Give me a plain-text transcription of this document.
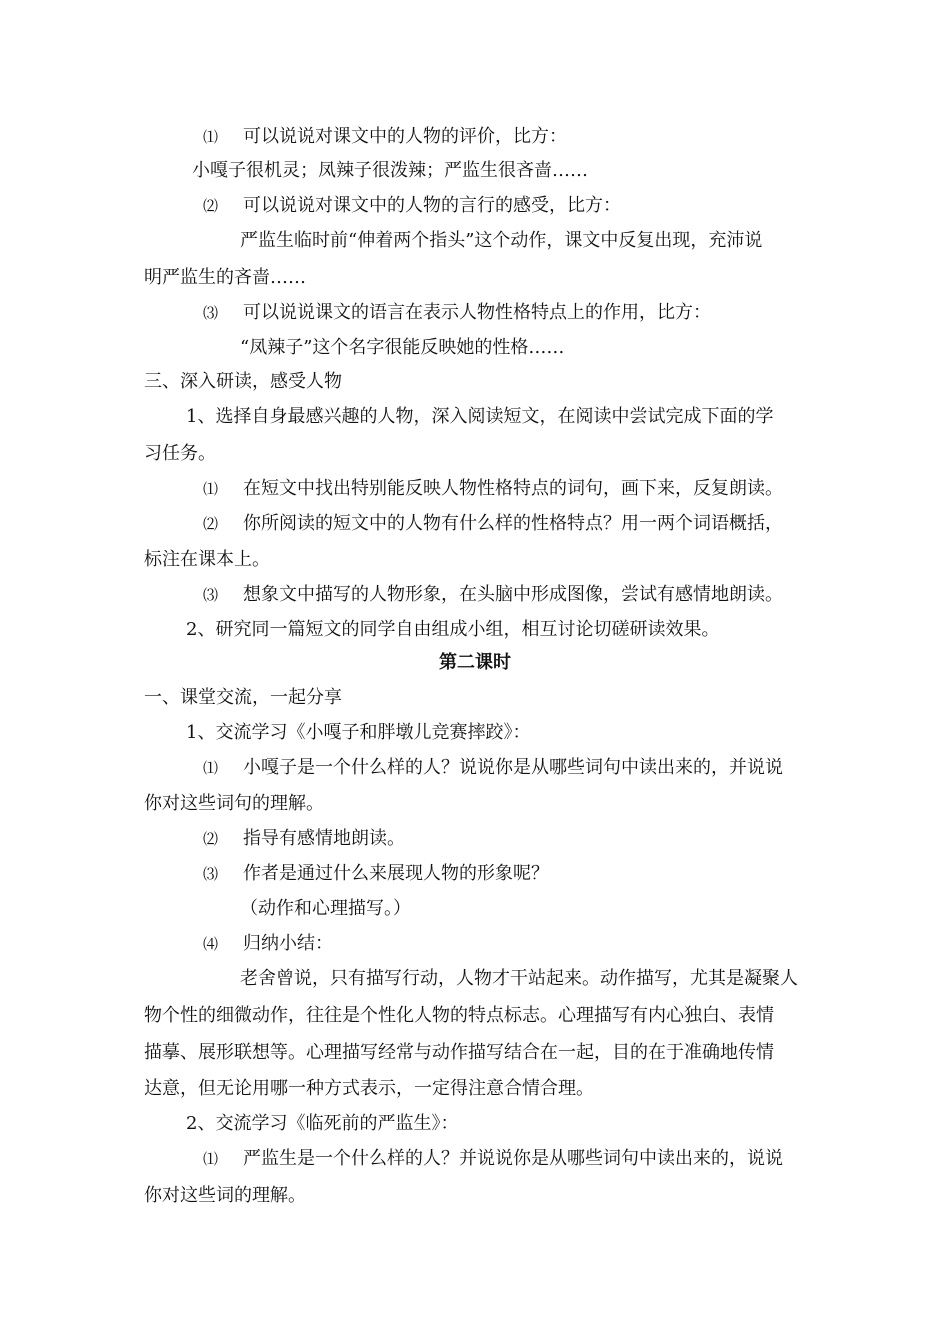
第二课时
⑴ 可以说说对课文中的人物的评价，比方：
小嘎子很机灵；凤辣子很泼辣；严监生很吝啬……
⑵ 可以说说对课文中的人物的言行的感受，比方：
严监生临时前“伸着两个指头”这个动作，课文中反复出现，充沛说
明严监生的吝啬……
⑶ 可以说说课文的语言在表示人物性格特点上的作用，比方：
“凤辣子”这个名字很能反映她的性格……
三、深入研读，感受人物
1、选择自身最感兴趣的人物，深入阅读短文，在阅读中尝试完成下面的学
习任务。
⑴ 在短文中找出特别能反映人物性格特点的词句，画下来，反复朗读。
⑵ 你所阅读的短文中的人物有什么样的性格特点？用一两个词语概括，
标注在课本上。
⑶ 想象文中描写的人物形象，在头脑中形成图像，尝试有感情地朗读。
2、研究同一篇短文的同学自由组成小组，相互讨论切磋研读效果。
一、课堂交流，一起分享
1、交流学习《小嘎子和胖墩儿竞赛摔跤》：
⑴ 小嘎子是一个什么样的人？说说你是从哪些词句中读出来的，并说说
你对这些词句的理解。
⑵ 指导有感情地朗读。
⑶ 作者是通过什么来展现人物的形象呢？
（动作和心理描写。）
⑷ 归纳小结：
老舍曾说，只有描写行动，人物才干站起来。动作描写，尤其是凝聚人
物个性的细微动作，往往是个性化人物的特点标志。心理描写有内心独白、表情
描摹、展形联想等。心理描写经常与动作描写结合在一起，目的在于准确地传情
达意，但无论用哪一种方式表示，一定得注意合情合理。
2、交流学习《临死前的严监生》：
⑴ 严监生是一个什么样的人？并说说你是从哪些词句中读出来的，说说
你对这些词的理解。
